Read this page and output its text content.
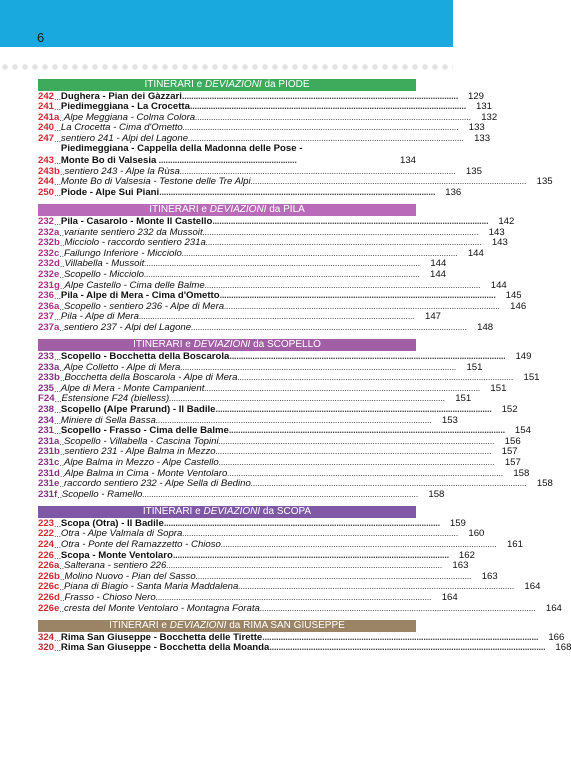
6
ITINERARI e DEVIAZIONI da PIODE
242 ... Dughera - Pian dei Gàzzari........................................................................................................................	129
241 ... Piedimeggiana - La Crocetta........................................................................................................................	131
241a .. Alpe Meggiana - Colma Colora........................................................................................................................	132
240 ... La Crocetta - Cima d'Ometto........................................................................................................................	133
247 ... sentiero 241 - Alpi del Lagone........................................................................................................................	133
243 ...
Piedimeggiana - Cappella della Madonna delle Pose -
Monte Bo di Valsesia ............................................................	134
243b .. sentiero 243 - Alpe la Rùsa........................................................................................................................	135
244 ... Monte Bo di Valsesia - Testone delle Tre Alpi........................................................................................................................	135
250 ... Piode - Alpe Sui Piani........................................................................................................................	136
ITINERARI e DEVIAZIONI da PILA
232 ... Pila - Casarolo - Monte Il Castello........................................................................................................................	142
232a .. variante sentiero 232 da Mussoit........................................................................................................................	143
232b .. Micciolo - raccordo sentiero 231a........................................................................................................................	143
232c .. Failungo Inferiore - Micciolo........................................................................................................................	144
232d .. Villabella - Mussoit........................................................................................................................	144
232e .. Scopello - Micciolo........................................................................................................................	144
231g .. Alpe Castello - Cima delle Balme........................................................................................................................	144
236 ... Pila - Alpe di Mera - Cima d'Ometto........................................................................................................................	145
236a .. Scopello - sentiero 236 - Alpe di Mera........................................................................................................................	146
237 ... Pila - Alpe di Mera........................................................................................................................	147
237a .. sentiero 237 - Alpi del Lagone........................................................................................................................	148
ITINERARI e DEVIAZIONI da SCOPELLO
233 ... Scopello - Bocchetta della Boscarola........................................................................................................................	149
233a .. Alpe Colletto - Alpe di Mera........................................................................................................................	151
233b .. Bocchetta della Boscarola - Alpe di Mera........................................................................................................................	151
235 ... Alpe di Mera - Monte Campanient........................................................................................................................	151
F24 ... Estensione F24 (bielless)........................................................................................................................	151
238 ... Scopello (Alpe Prarund) - Il Badile........................................................................................................................	152
234 ... Miniere di Sella Bassa........................................................................................................................	153
231 ... Scopello - Frasso - Cima delle Balme........................................................................................................................	154
231a .. Scopello - Villabella - Cascina Topini........................................................................................................................	156
231b .. sentiero 231 - Alpe Balma in Mezzo........................................................................................................................	157
231c .. Alpe Balma in Mezzo - Alpe Castello........................................................................................................................	157
231d .. Alpe Balma in Cima - Monte Ventolaro........................................................................................................................	158
231e .. raccordo sentiero 232 - Alpe Sella di Bedino........................................................................................................................	158
231f .. Scopello - Ramello........................................................................................................................	158
ITINERARI e DEVIAZIONI da SCOPA
223 ... Scopa (Otra) - Il Badile........................................................................................................................	159
222 ... Otra - Alpe Valmala di Sopra........................................................................................................................	160
224 ... Otra - Ponte del Ramazzetto - Chioso........................................................................................................................	161
226 ... Scopa - Monte Ventolaro........................................................................................................................	162
226a .. Salterana - sentiero 226........................................................................................................................	163
226b .. Molino Nuovo - Pian del Sasso........................................................................................................................	163
226c .. Piana di Biagio - Santa Maria Maddalena........................................................................................................................	164
226d .. Frasso - Chioso Nero........................................................................................................................	164
226e .. cresta del Monte Ventolaro - Montagna Forata........................................................................................................................	164
ITINERARI e DEVIAZIONI da RIMA SAN GIUSEPPE
324 ... Rima San Giuseppe - Bocchetta delle Tirette........................................................................................................................	166
320 ... Rima San Giuseppe - Bocchetta della Moanda........................................................................................................................	168
